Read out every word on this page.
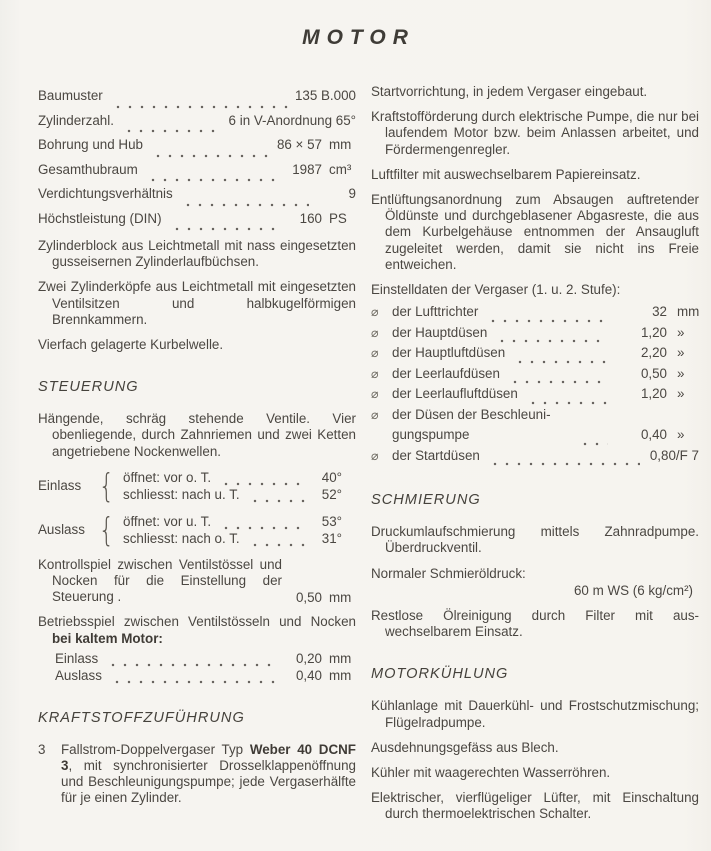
MOTOR
Baumuster	135 B.000
Zylinderzahl.	6 in V-Anordnung 65°
Bohrung und Hub	86 × 57 mm
Gesamthubraum	1987 cm³
Verdichtungsverhältnis	9
Höchstleistung (DIN)	160 PS

Zylinderblock aus Leichtmetall mit nass eingesetzten gusseisernen Zylinderlaufbüchsen.

Zwei Zylinderköpfe aus Leichtmetall mit eingesetzten Ventilsitzen und halbkugelförmigen Brennkammern.

Vierfach gelagerte Kurbelwelle.

STEUERUNG

Hängende, schräg stehende Ventile. Vier obenliegende, durch Zahnriemen und zwei Ketten angetriebene Nockenwellen.

Einlass { öffnet: vor o. T.	40°
schliesst: nach u. T.	52°
Auslass { öffnet: vor u. T.	53°
schliesst: nach o. T.	31°

Kontrollspiel zwischen Ventilstössel und Nocken für die Einstellung der Steuerung .	0,50 mm

Betriebsspiel zwischen Ventilstösseln und Nocken bei kaltem Motor:

Einlass	0,20 mm
Auslass	0,40 mm
KRAFTSTOFFZUFÜHRUNG
3	Fallstrom-Doppelvergaser Typ Weber 40 DCNF 3, mit synchronisierter Drosselklappenöffnung und Beschleunigungspumpe; jede Vergaserhälfte für je einen Zylinder.

Startvorrichtung, in jedem Vergaser eingebaut.

Kraftstofförderung durch elektrische Pumpe, die nur bei laufendem Motor bzw. beim Anlassen arbeitet, und Fördermengenregler.

Luftfilter mit auswechselbarem Papiereinsatz.

Entlüftungsanordnung zum Absaugen auftretender Öldünste und durchgeblasener Abgasreste, die aus dem Kurbelgehäuse entnommen der Ansaugluft zugeleitet werden, damit sie nicht ins Freie entweichen.

Einstelldaten der Vergaser (1. u. 2. Stufe):

⌀	der Lufttrichter	32 mm
⌀	der Hauptdüsen	1,20 »
⌀	der Hauptluftdüsen	2,20 »
⌀	der Leerlaufdüsen	0,50 »
⌀	der Leerlaufluftdüsen	1,20 »
⌀	der Düsen der Beschleunigungspumpe	0,40 »
⌀	der Startdüsen	0,80/F 7
SCHMIERUNG

Druckumlaufschmierung mittels Zahnradpumpe. Überdruckventil.

Normaler Schmieröldruck:

60 m WS (6 kg/cm²)

Restlose Ölreinigung durch Filter mit auswechselbarem Einsatz.

MOTORKÜHLUNG

Kühlanlage mit Dauerkühl- und Frostschutzmischung; Flügelradpumpe.

Ausdehnungsgefäss aus Blech.

Kühler mit waagerechten Wasserröhren.

Elektrischer, vierflügeliger Lüfter, mit Einschaltung durch thermoelektrischen Schalter.
